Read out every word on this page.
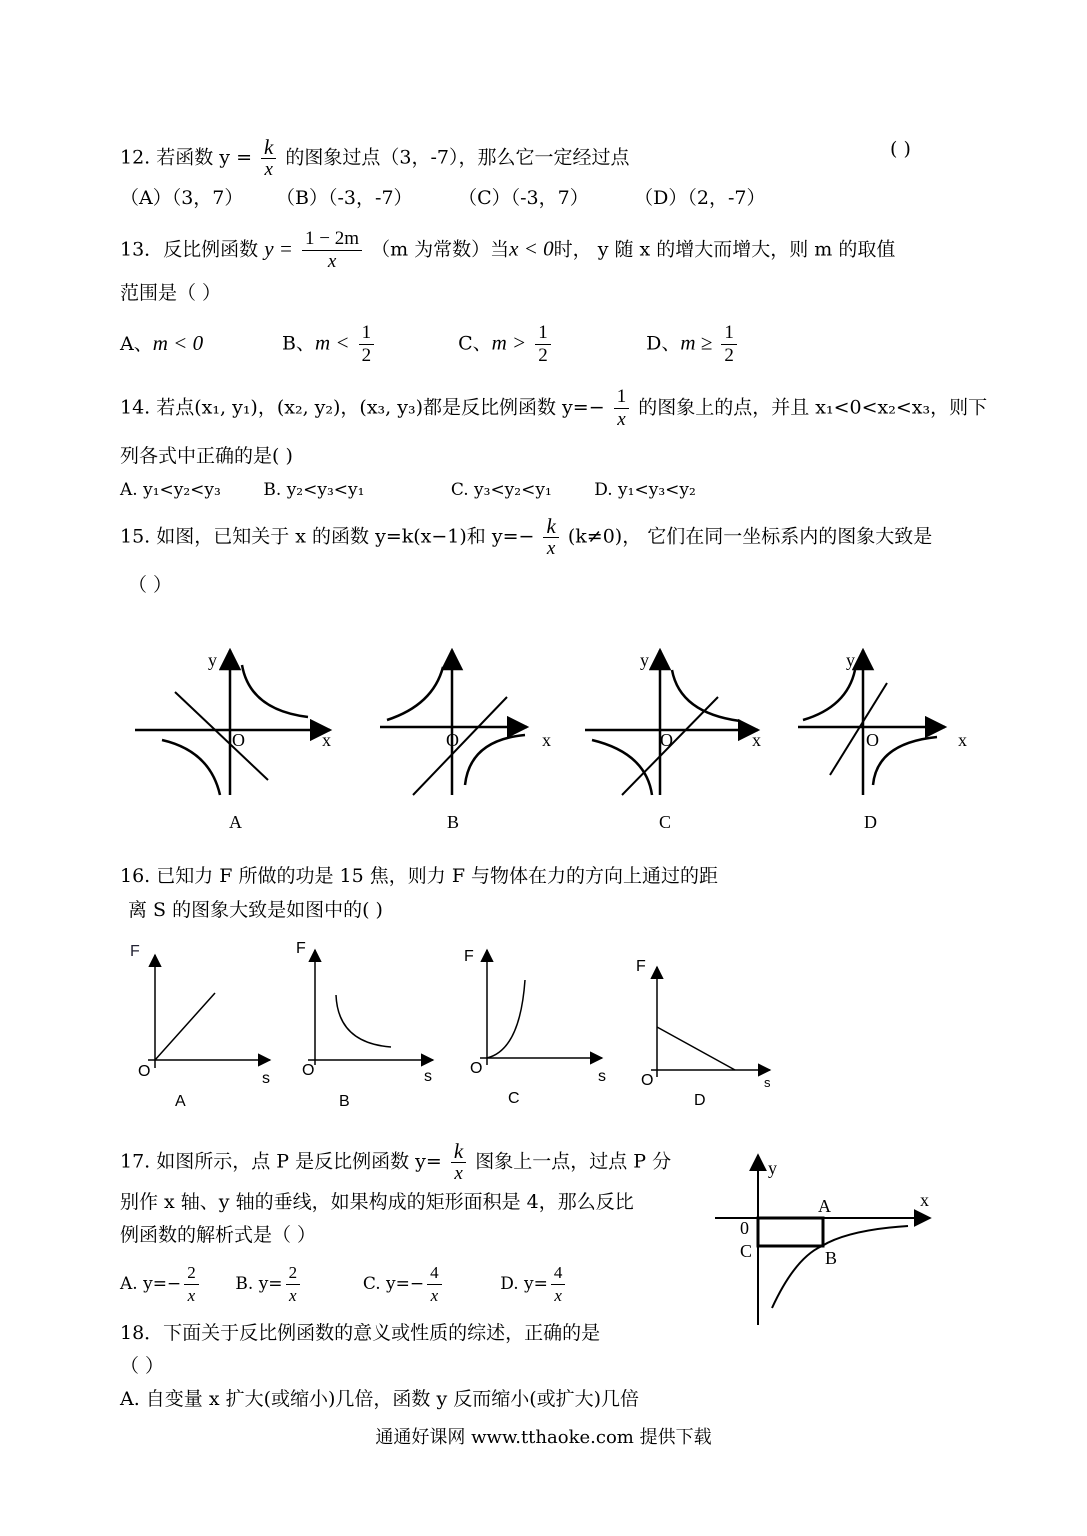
12. 若函数 $y = \frac{k}{x}$ 的图象过点（3，-7），那么它一定经过点	( )
（A）（3，7） （B）（-3，-7） （C）（-3，7） （D）（2，-7）
13．反比例函数 $y = \frac{1 - 2m}{x} (m$ 为常数）当x < 0时， y 随 x 的增大而增大，则 m 的取值
范围是（ ）
A、m < 0	B、$m < \frac{1}{2}$	C、$m > \frac{1}{2}$	D、$m \ge \frac{1}{2}$
14. 若点(x₁, y₁)，(x₂, y₂)，(x₃, y₃)都是反比例函数 $y=- \frac{1}{x}$ 的图象上的点，并且 x₁<0<x₂<x₃，则下
列各式中正确的是( )
A. y₁<y₂<y₃	B. y₂<y₃<y₁	C. y₃<y₂<y₁ D. y₁<y₃<y₂
15. 如图，已知关于 x 的函数 y=k(x−1)和 $y=- \frac{k}{x} (k\ne 0)$， 它们在同一坐标系内的图象大致是
（ ）
y
x
O
A
O	x
B
y
O	x
C
y
O	x
D
16. 已知力 F 所做的功是 15 焦，则力 F 与物体在力的方向上通过的距
离 S 的图象大致是如图中的( )
F
O	s
A
F
O	s
B
F
O	s
C
F
O	s
D
17. 如图所示，点 P 是反比例函数 $y= \frac{k}{x}$ 图象上一点，过点 P 分
别作 x 轴、y 轴的垂线，如果构成的矩形面积是 4，那么反比
例函数的解析式是（ ）
A. $y=- \frac{2}{x} B$. $y= \frac{2}{x}$	C. $y=- \frac{4}{x}$	D. $y= \frac{4}{x}$
y
x
A
0
C	B
18．下面关于反比例函数的意义或性质的综述，正确的是
（ ）
A. 自变量 x 扩大(或缩小)几倍，函数 y 反而缩小(或扩大)几倍
通通好课网 www.tthaoke.com 提供下载
